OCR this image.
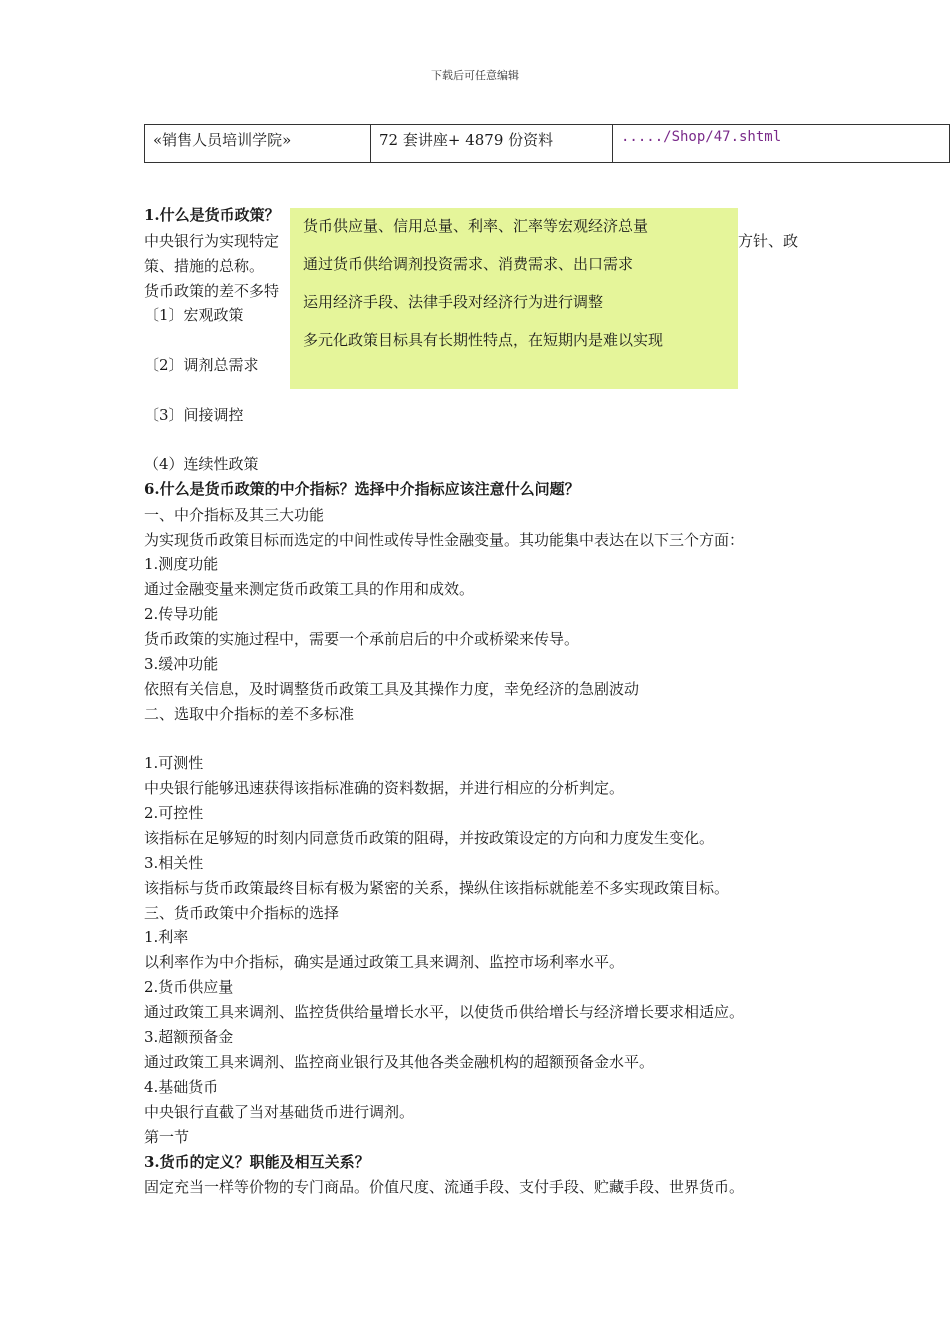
下载后可任意编辑
«销售人员培训学院»	72 套讲座+ 4879 份资料	...../Shop/47.shtml
1.什么是货币政策？
中央银行为实现特定	方针、政
策、措施的总称。
货币政策的差不多特
〔1〕宏观政策
〔2〕调剂总需求
〔3〕间接调控
（4）连续性政策
6.什么是货币政策的中介指标？选择中介指标应该注意什么问题？
一、中介指标及其三大功能
为实现货币政策目标而选定的中间性或传导性金融变量。其功能集中表达在以下三个方面：
1.测度功能
通过金融变量来测定货币政策工具的作用和成效。
2.传导功能
货币政策的实施过程中，需要一个承前启后的中介或桥梁来传导。
3.缓冲功能
依照有关信息，及时调整货币政策工具及其操作力度，幸免经济的急剧波动
二、选取中介指标的差不多标准
1.可测性
中央银行能够迅速获得该指标准确的资料数据，并进行相应的分析判定。
2.可控性
该指标在足够短的时刻内同意货币政策的阻碍，并按政策设定的方向和力度发生变化。
3.相关性
该指标与货币政策最终目标有极为紧密的关系，操纵住该指标就能差不多实现政策目标。
三、货币政策中介指标的选择
1.利率
以利率作为中介指标，确实是通过政策工具来调剂、监控市场利率水平。
2.货币供应量
通过政策工具来调剂、监控货供给量增长水平，以使货币供给增长与经济增长要求相适应。
3.超额预备金
通过政策工具来调剂、监控商业银行及其他各类金融机构的超额预备金水平。
4.基础货币
中央银行直截了当对基础货币进行调剂。
第一节
3.货币的定义？职能及相互关系？
固定充当一样等价物的专门商品。价值尺度、流通手段、支付手段、贮藏手段、世界货币。
货币供应量、信用总量、利率、汇率等宏观经济总量
通过货币供给调剂投资需求、消费需求、出口需求
运用经济手段、法律手段对经济行为进行调整
多元化政策目标具有长期性特点，在短期内是难以实现
